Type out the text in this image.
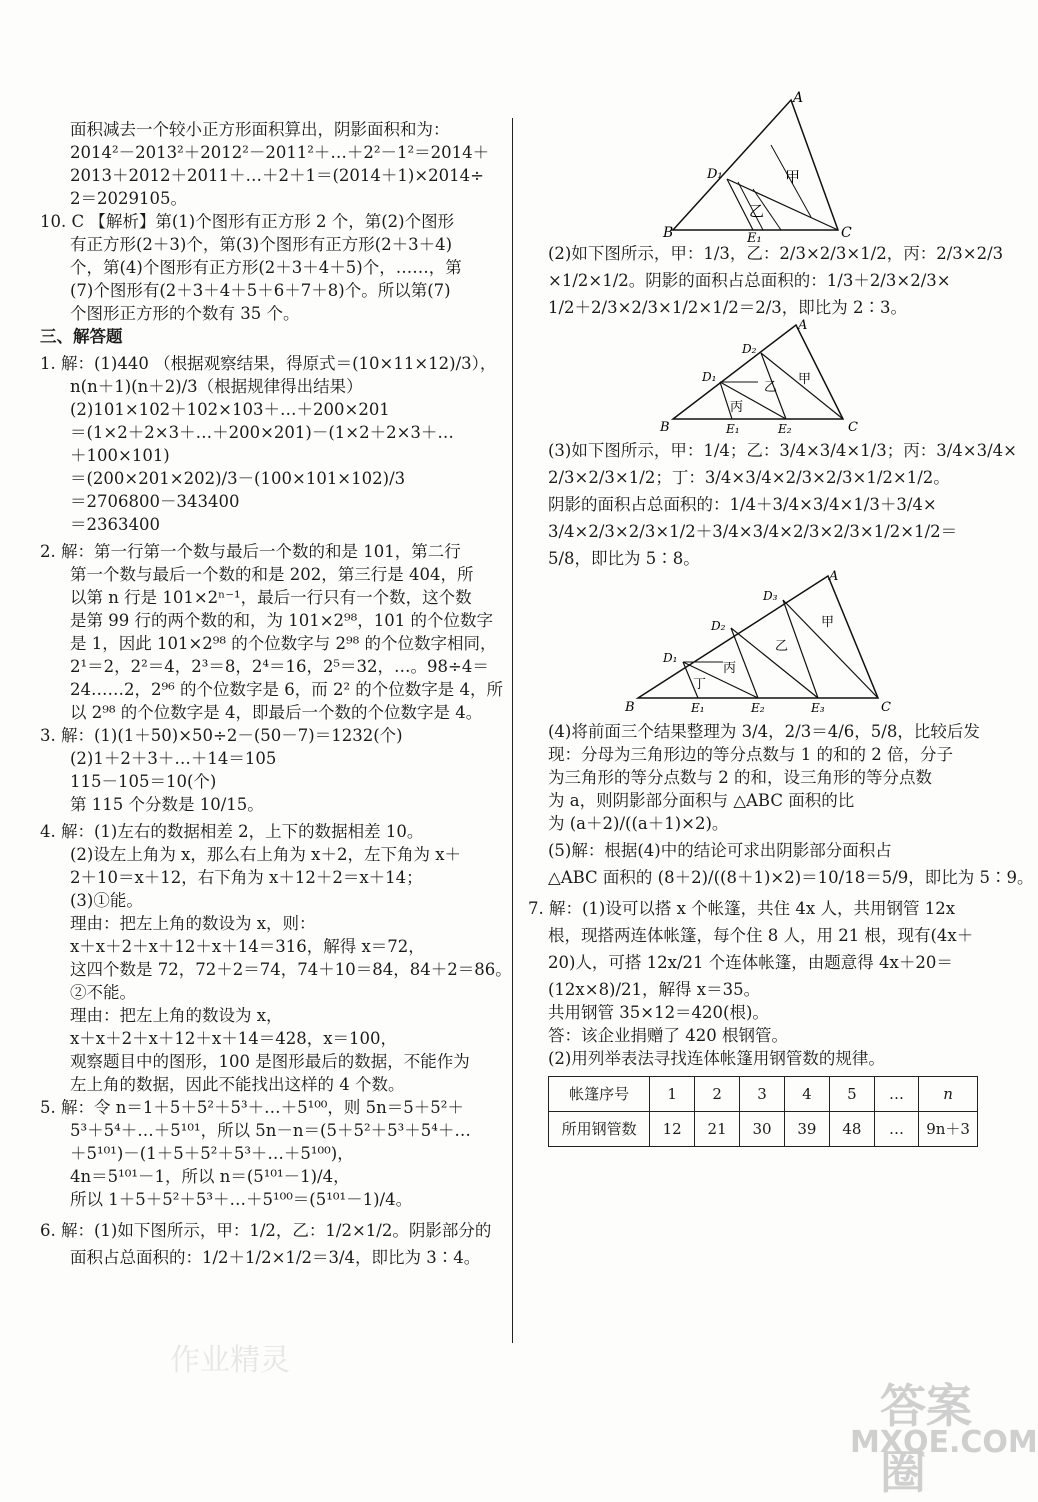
面积减去一个较小正方形面积算出，阴影面积和为：
2014²－2013²＋2012²－2011²＋…＋2²－1²＝2014＋
2013＋2012＋2011＋…＋2＋1＝(2014＋1)×2014÷
2＝2029105。
10. C 【解析】第(1)个图形有正方形 2 个，第(2)个图形
有正方形(2＋3)个，第(3)个图形有正方形(2＋3＋4)
个，第(4)个图形有正方形(2＋3＋4＋5)个，……，第
(7)个图形有(2＋3＋4＋5＋6＋7＋8)个。所以第(7)
个图形正方形的个数有 35 个。
三、解答题
1. 解：(1)440 （根据观察结果，得原式＝(10×11×12)/3），
n(n＋1)(n＋2)/3（根据规律得出结果）
(2)101×102＋102×103＋…＋200×201
＝(1×2＋2×3＋…＋200×201)－(1×2＋2×3＋…
＋100×101)
＝(200×201×202)/3－(100×101×102)/3
＝2706800－343400
＝2363400
2. 解：第一行第一个数与最后一个数的和是 101，第二行
第一个数与最后一个数的和是 202，第三行是 404，所
以第 n 行是 101×2ⁿ⁻¹，最后一行只有一个数，这个数
是第 99 行的两个数的和，为 101×2⁹⁸，101 的个位数字
是 1，因此 101×2⁹⁸ 的个位数字与 2⁹⁸ 的个位数字相同，
2¹＝2，2²＝4，2³＝8，2⁴＝16，2⁵＝32，…。98÷4＝
24……2，2⁹⁶ 的个位数字是 6，而 2² 的个位数字是 4，所
以 2⁹⁸ 的个位数字是 4，即最后一个数的个位数字是 4。
3. 解：(1)(1＋50)×50÷2－(50－7)＝1232(个)
(2)1＋2＋3＋…＋14＝105
115－105＝10(个)
第 115 个分数是 10/15。
4. 解：(1)左右的数据相差 2，上下的数据相差 10。
(2)设左上角为 x，那么右上角为 x＋2，左下角为 x＋
2＋10＝x＋12，右下角为 x＋12＋2＝x＋14；
(3)①能。
理由：把左上角的数设为 x，则：
x＋x＋2＋x＋12＋x＋14＝316，解得 x＝72，
这四个数是 72，72＋2＝74，74＋10＝84，84＋2＝86。
②不能。
理由：把左上角的数设为 x，
x＋x＋2＋x＋12＋x＋14＝428，x＝100，
观察题目中的图形，100 是图形最后的数据，不能作为
左上角的数据，因此不能找出这样的 4 个数。
5. 解：令 n＝1＋5＋5²＋5³＋…＋5¹⁰⁰，则 5n＝5＋5²＋
5³＋5⁴＋…＋5¹⁰¹，所以 5n－n＝(5＋5²＋5³＋5⁴＋…
＋5¹⁰¹)－(1＋5＋5²＋5³＋…＋5¹⁰⁰)，
4n＝5¹⁰¹－1，所以 n＝(5¹⁰¹－1)/4，
所以 1＋5＋5²＋5³＋…＋5¹⁰⁰＝(5¹⁰¹－1)/4。
6. 解：(1)如下图所示，甲：1/2，乙：1/2×1/2。阴影部分的
面积占总面积的：1/2＋1/2×1/2＝3/4，即比为 3∶4。
A
B	C
D₁
E₁
甲
乙
(2)如下图所示，甲：1/3，乙：2/3×2/3×1/2，丙：2/3×2/3
×1/2×1/2。阴影的面积占总面积的：1/3＋2/3×2/3×
1/2＋2/3×2/3×1/2×1/2＝2/3，即比为 2∶3。
A
B	C
D₂
D₁
E₁	E₂
甲
乙
丙
(3)如下图所示，甲：1/4；乙：3/4×3/4×1/3；丙：3/4×3/4×
2/3×2/3×1/2；丁：3/4×3/4×2/3×2/3×1/2×1/2。
阴影的面积占总面积的：1/4＋3/4×3/4×1/3＋3/4×
3/4×2/3×2/3×1/2＋3/4×3/4×2/3×2/3×1/2×1/2＝
5/8，即比为 5∶8。
A
B	C
D₃
D₂
D₁
E₁	E₂	E₃
甲
乙
丙
丁
(4)将前面三个结果整理为 3/4，2/3＝4/6，5/8，比较后发
现：分母为三角形边的等分点数与 1 的和的 2 倍，分子
为三角形的等分点数与 2 的和，设三角形的等分点数
为 a，则阴影部分面积与 △ABC 面积的比
为 (a＋2)/((a＋1)×2)。
(5)解：根据(4)中的结论可求出阴影部分面积占
△ABC 面积的 (8＋2)/((8＋1)×2)＝10/18＝5/9，即比为 5∶9。
7. 解：(1)设可以搭 x 个帐篷，共住 4x 人，共用钢管 12x
根，现搭两连体帐篷，每个住 8 人，用 21 根，现有(4x＋
20)人，可搭 12x/21 个连体帐篷，由题意得 4x＋20＝
(12x×8)/21，解得 x＝35。
共用钢管 35×12＝420(根)。
答：该企业捐赠了 420 根钢管。
(2)用列举表法寻找连体帐篷用钢管数的规律。
帐篷序号	1	2	3	4	5	…	n
所用钢管数	12	21	30	39	48	…	9n＋3
作业精灵
答案圈
MXQE.COM
